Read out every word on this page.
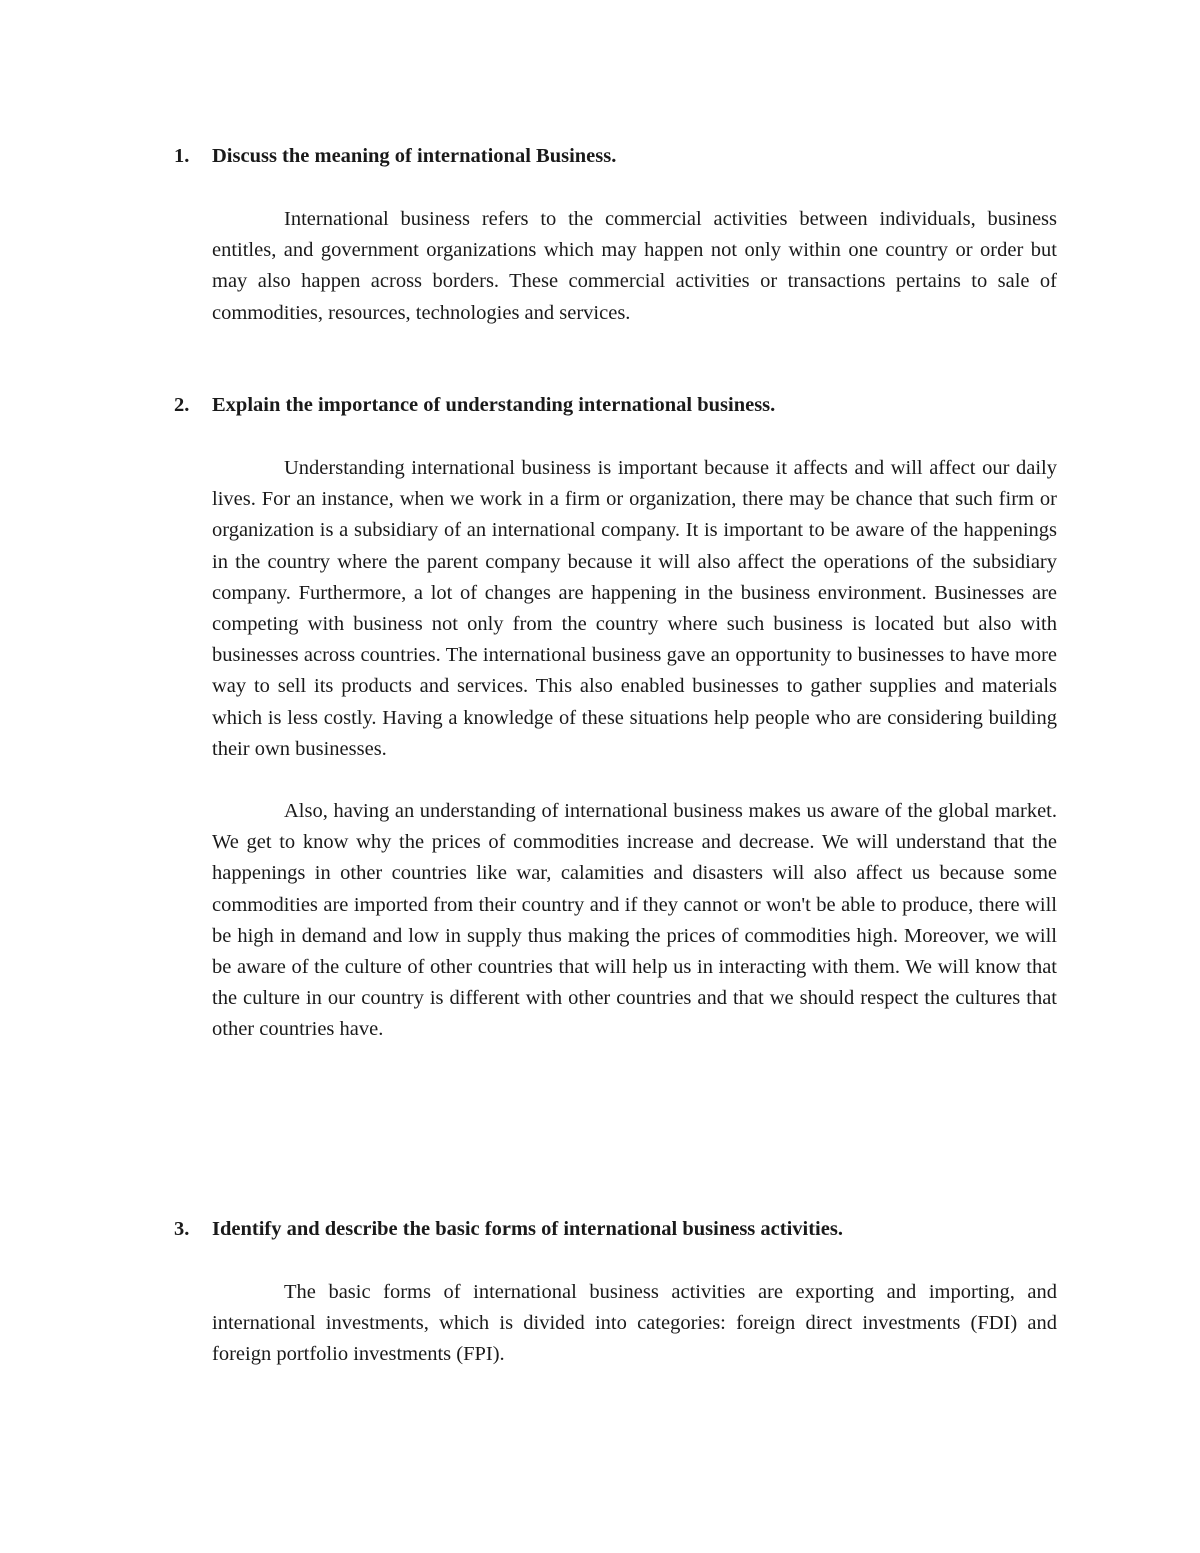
1.	Discuss the meaning of international Business.

International business refers to the commercial activities between individuals, business entitles, and government organizations which may happen not only within one country or order but may also happen across borders. These commercial activities or transactions pertains to sale of commodities, resources, technologies and services.

2.	Explain the importance of understanding international business.

Understanding international business is important because it affects and will affect our daily lives. For an instance, when we work in a firm or organization, there may be chance that such firm or organization is a subsidiary of an international company. It is important to be aware of the happenings in the country where the parent company because it will also affect the operations of the subsidiary company. Furthermore, a lot of changes are happening in the business environment. Businesses are competing with business not only from the country where such business is located but also with businesses across countries. The international business gave an opportunity to businesses to have more way to sell its products and services. This also enabled businesses to gather supplies and materials which is less costly. Having a knowledge of these situations help people who are considering building their own businesses.

Also, having an understanding of international business makes us aware of the global market. We get to know why the prices of commodities increase and decrease. We will understand that the happenings in other countries like war, calamities and disasters will also affect us because some commodities are imported from their country and if they cannot or won't be able to produce, there will be high in demand and low in supply thus making the prices of commodities high. Moreover, we will be aware of the culture of other countries that will help us in interacting with them. We will know that the culture in our country is different with other countries and that we should respect the cultures that other countries have.

3.	Identify and describe the basic forms of international business activities.

The basic forms of international business activities are exporting and importing, and international investments, which is divided into categories: foreign direct investments (FDI) and foreign portfolio investments (FPI).
